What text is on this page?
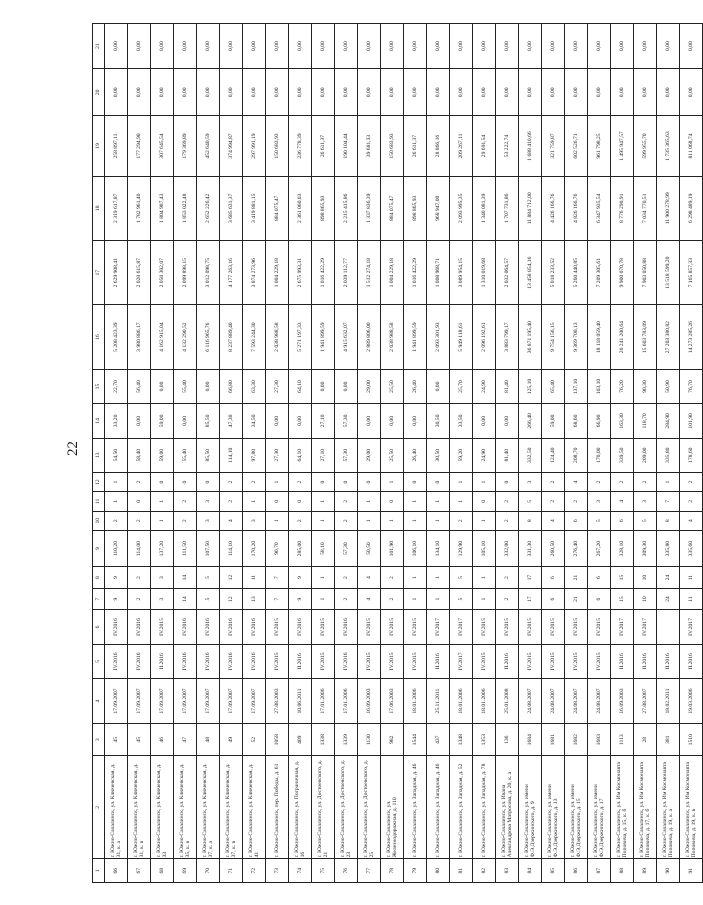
22
1	2	3	4	5	6	7	8	9	10	11	12	13	14	15	16	17	18	19	20	21
66	г. Южно-Сахалинск, ул. Ключевская, д. 31, к. а	45	17.09.2007	IV.2016	IV.2016	9	9	110,20	2	1	1	54,50	33,20	22,70	5 208 423,39	2 629 908,41	2 319 617,87	258 897,11	0,00	0,00
67	г. Южно-Сахалинск, ул. Ключевская, д. 31, к. в	45	17.09.2007	IV.2016	IV.2016	2	2	114,00	2	0	2	58,40	0,00	56,40	3 980 886,17	2 020 615,87	1 782 961,40	177 294,90	0,00	0,00
68	г. Южно-Сахалинск, ул. Ключевская, д. 33	46	17.09.2007	II.2016	IV.2015	3	3	137,20	1	1	0	59,00	59,00	0,00	4 162 915,04	2 050 302,07	1 804 987,43	307 645,54	0,00	0,00
69	г. Южно-Сахалинск, ул. Ключевская, д. 35, к. в	47	17.09.2007	IV.2016	IV.2016	14	14	111,50	2	2	0	55,40	0,00	55,40	4 132 290,52	2 099 898,15	1 853 022,48	179 369,89	0,00	0,00
70	г. Южно-Сахалинск, ул. Ключевская, д. 37, к. а	48	17.09.2007	IV.2016	IV.2016	5	5	107,50	3	3	0	85,50	85,50	0,00	6 116 965,76	3 012 098,75	2 652 226,42	452 640,59	0,00	0,00
71	г. Южно-Сахалинск, ул. Ключевская, д. 37, к. в	49	17.09.2007	IV.2016	IV.2016	12	12	114,10	4	2	2	114,10	47,30	66,80	8 237 889,40	4 177 263,16	3 685 631,37	374 994,87	0,00	0,00
72	г. Южно-Сахалинск, ул. Ключевская, д. 41	52	17.09.2007	IV.2016	IV.2016	13	11	170,20	3	1	2	97,80	34,50	63,30	7 593 244,30	3 874 273,96	3 419 881,15	297 991,19	0,00	0,00
73	г. Южно-Сахалинск, пер. Победы, д. 61	1058	27.08.2003	IV.2015	IV.2015	7	7	90,70	1	0	1	27,30	0,00	27,30	2 038 988,58	1 004 229,18	884 075,47	150 683,93	0,00	0,00
74	г. Южно-Сахалинск, ул. Пограничная, д. 16	409	10.06.2011	II.2016	IV.2016	9	9	285,00	2	0	2	64,10	0,00	64,10	5 271 197,33	2 675 993,31	2 361 060,03	236 778,39	0,00	0,00
75	г. Южно-Сахалинск, ул. Достоевского, д. 21	1338	17.01.2006	IV.2015	IV.2015	1	1	58,10	1	1	0	27,10	27,10	0,00	1 941 899,59	1 016 422,29	898 865,93	26 611,37	0,00	0,00
76	г. Южно-Сахалинск, ул. Достоевского, д. 23	1339	17.01.2006	IV.2016	IV.2016	2	2	57,30	2	2	0	57,30	57,30	0,00	4 915 632,07	2 039 112,77	2 215 415,86	190 104,44	0,00	0,00
77	г. Южно-Сахалинск, ул. Достоевского, д. 25	1130	16.09.2003	IV.2015	IV.2015	4	4	50,50	1	1	0	29,00	0,00	29,00	2 889 806,00	1 512 274,18	1 337 836,39	39 681,33	0,00	0,00
78	г. Южно-Сахалинск, ул. Железнодорожная, д. 110	982	17.06.2003	IV.2015	IV.2015	2	2	101,90	1	0	1	25,50	0,00	25,50	2 038 988,58	1 004 229,18	884 075,47	150 683,93	0,00	0,00
79	г. Южно-Сахалинск, ул. Западная, д. 46	1544	18.01.2006	IV.2015	IV.2015	1	1	106,10	1	1	0	26,40	0,00	26,40	1 941 899,59	1 016 422,29	898 865,93	26 611,37	0,00	0,00
80	г. Южно-Сахалинск, ул. Западная, д. 46	437	25.11.2011	II.2016	IV.2017	1	1	134,10	1	1	0	30,50	30,50	0,00	2 093 301,93	1 008 968,71	968 947,00	28 866,16	0,00	0,00
81	г. Южно-Сахалинск, ул. Западная, д. 52	1348	18.01.2006	IV.2017	IV.2017	5	5	129,90	2	1	1	59,20	33,50	25,70	5 949 118,61	3 089 954,15	2 093 995,35	209 267,11	0,00	0,00
82	г. Южно-Сахалинск, ул. Западная, д. 78	1353	18.01.2006	IV.2015	IV.2015	1	1	105,10	1	0	1	24,90	0,00	24,90	2 096 192,61	1 310 019,68	1 340 081,39	29 691,54	0,00	0,00
83	г. Южно-Сахалинск, ул. Ивана Александрова Матросова, д. 20, к. а	136	25.01.2008	II.2016	IV.2015	2	2	332,00	2	2	0	81,40	0,00	81,40	3 883 799,17	2 032 064,57	1 707 731,86	53 222,74	0,00	0,00
84	г. Южно-Сахалинск, ул. имени Ф.Э.Дзержинского, д. 9	1684	24.08.2007	IV.2015	IV.2015	17	17	331,30	8	5	3	332,50	266,40	125,10	36 871 195,40	13 458 854,16	11 884 712,00	1 688 410,66	0,00	0,00
85	г. Южно-Сахалинск, ул. имени Ф.Э.Дзержинского, д. 13	1681	24.08.2007	IV.2015	IV.2015	6	6	260,50	4	2	2	124,40	59,00	65,40	9 754 156,15	5 018 233,52	4 426 166,76	321 759,87	0,00	0,00
86	г. Южно-Сахалинск, ул. имени Ф.Э.Дзержинского, д. 15	1682	24.08.2007	IV.2015	IV.2015	21	21	276,40	6	2	4	208,70	68,60	137,10	9 369 700,13	5 260 440,85	4 826 166,76	602 526,71	0,00	0,00
87	г. Южно-Сахалинск, ул. имени Ф.Э.Дзержинского, д. 17	1683	24.08.2007	IV.2015	IV.2015	6	6	267,20	5	3	2	170,00	66,90	103,10	18 118 059,40	7 209 305,61	6 347 935,54	961 798,25	0,00	0,00
88	г. Южно-Сахалинск, ул. Им Космонавта Поповича, д. 15, к. б	1113	16.09.2003	II.2016	IV.2017	15	15	328,10	6	4	2	339,50	163,30	76,20	20 241 200,64	9 900 070,78	8 776 290,91	1 495 947,57	0,00	0,00
89	г. Южно-Сахалинск, ул. Им Космонавта Поповича, д. 17, к. б	28	27.08.2007	II.2016	IV.2017	10	10	309,30	5	3	2	209,00	118,70	90,30	15 603 783,09	7 903 050,88	7 034 770,51	599 955,70	0,00	0,00
90	г. Южно-Сахалинск, ул. Им Космонавта Поповича, д. 19, к. а	381	18.02.2011	II.2016		24	24	335,80	8	7	1	335,80	284,90	50,90	27 203 380,82	13 518 599,20	11 900 278,99	1 735 365,63	0,00	0,00
91	г. Южно-Сахалинск, ул. Им Космонавта Поповича, д. 19, к. в	1510	19.03.2006	II.2016	IV.2017	11	11	335,60	4	2	2	178,60	101,90	76,70	14 273 285,26	7 165 857,33	6 298 489,19	811 068,74	0,00	0,00
